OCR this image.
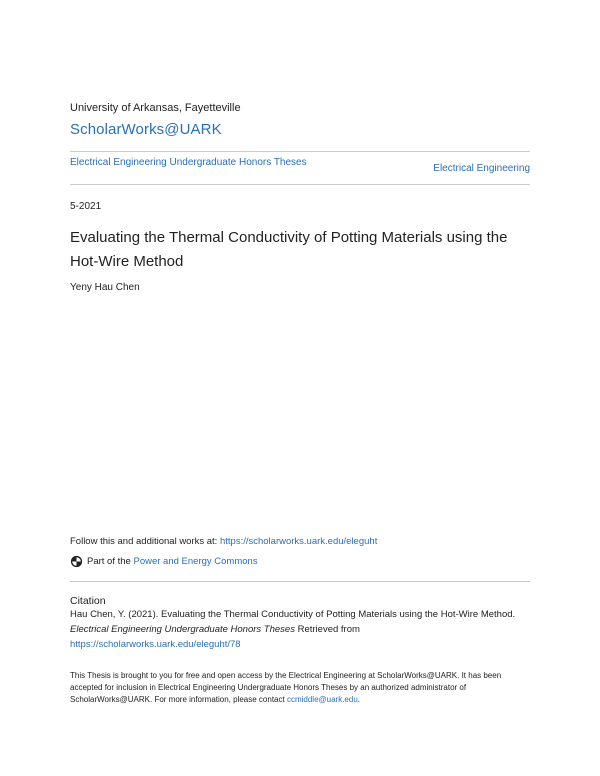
University of Arkansas, Fayetteville
ScholarWorks@UARK
Electrical Engineering Undergraduate Honors Theses
Electrical Engineering
5-2021
Evaluating the Thermal Conductivity of Potting Materials using the Hot-Wire Method
Yeny Hau Chen
Follow this and additional works at: https://scholarworks.uark.edu/eleguht
Part of the
Power and Energy Commons
Citation
Hau Chen, Y. (2021). Evaluating the Thermal Conductivity of Potting Materials using the Hot-Wire Method. Electrical Engineering Undergraduate Honors Theses Retrieved from https://scholarworks.uark.edu/eleguht/78
This Thesis is brought to you for free and open access by the Electrical Engineering at ScholarWorks@UARK. It has been accepted for inclusion in Electrical Engineering Undergraduate Honors Theses by an authorized administrator of ScholarWorks@UARK. For more information, please contact ccmiddle@uark.edu.
